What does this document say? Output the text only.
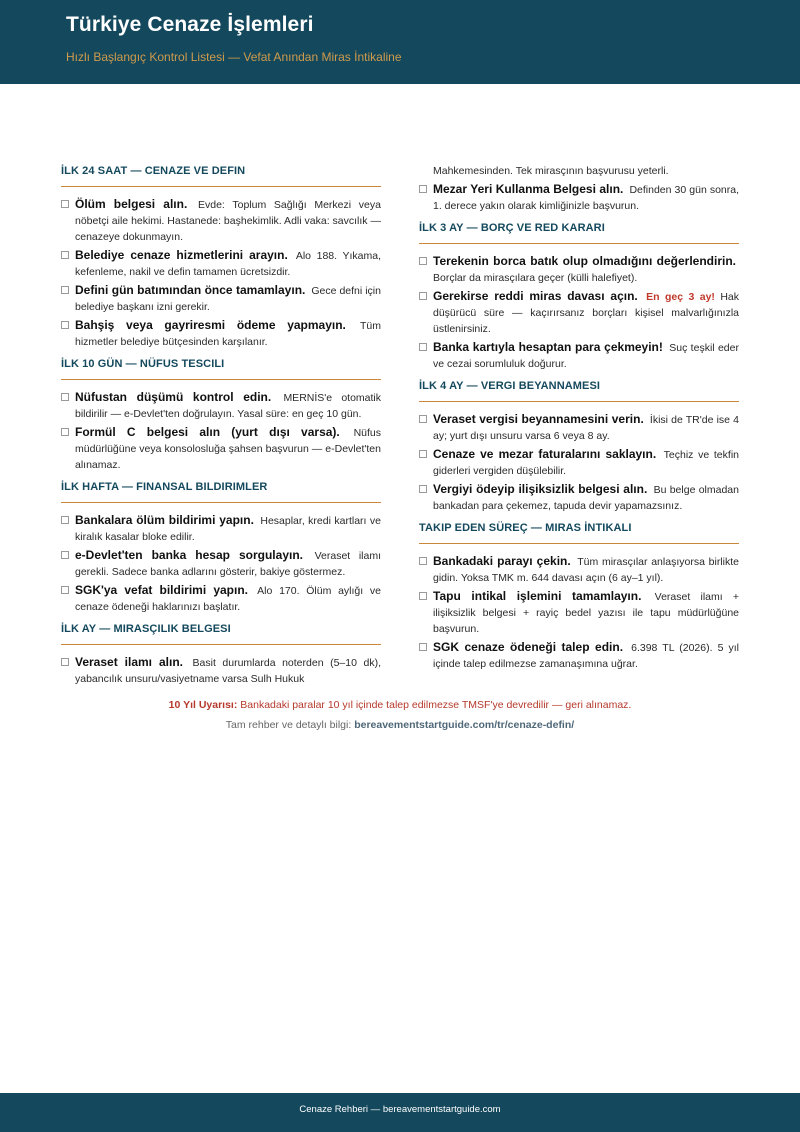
Türkiye Cenaze İşlemleri
Hızlı Başlangıç Kontrol Listesi — Vefat Anından Miras İntikaline
İLK 24 SAAT — CENAZE VE DEFIN
Ölüm belgesi alın. Evde: Toplum Sağlığı Merkezi veya nöbetçi aile hekimi. Hastanede: başhekimlik. Adli vaka: savcılık — cenazeye dokunmayın.
Belediye cenaze hizmetlerini arayın. Alo 188. Yıkama, kefenleme, nakil ve defin tamamen ücretsizdir.
Defini gün batımından önce tamamlayın. Gece defni için belediye başkanı izni gerekir.
Bahşiş veya gayriresmi ödeme yapmayın. Tüm hizmetler belediye bütçesinden karşılanır.
İLK 10 GÜN — NÜFUS TESCILI
Nüfustan düşümü kontrol edin. MERNİS'e otomatik bildirilir — e-Devlet'ten doğrulayın. Yasal süre: en geç 10 gün.
Formül C belgesi alın (yurt dışı varsa). Nüfus müdürlüğüne veya konsolosluğa şahsen başvurun — e-Devlet'ten alınamaz.
İLK HAFTA — FINANSAL BILDIRIMLER
Bankalara ölüm bildirimi yapın. Hesaplar, kredi kartları ve kiralık kasalar bloke edilir.
e-Devlet'ten banka hesap sorgulayın. Veraset ilamı gerekli. Sadece banka adlarını gösterir, bakiye göstermez.
SGK'ya vefat bildirimi yapın. Alo 170. Ölüm aylığı ve cenaze ödeneği haklarınızı başlatır.
İLK AY — MIRASÇILIK BELGESI
Veraset ilamı alın. Basit durumlarda noterden (5–10 dk), yabancılık unsuru/vasiyetname varsa Sulh Hukuk
Mahkemesinden. Tek mirasçının başvurusu yeterli.
Mezar Yeri Kullanma Belgesi alın. Definden 30 gün sonra, 1. derece yakın olarak kimliğinizle başvurun.
İLK 3 AY — BORÇ VE RED KARARI
Terekenin borca batık olup olmadığını değerlendirin. Borçlar da mirasçılara geçer (külli halefiyet).
Gerekirse reddi miras davası açın. En geç 3 ay! Hak düşürücü süre — kaçırırsanız borçları kişisel malvarlığınızla üstlenirsiniz.
Banka kartıyla hesaptan para çekmeyin! Suç teşkil eder ve cezai sorumluluk doğurur.
İLK 4 AY — VERGI BEYANNAMESI
Veraset vergisi beyannamesini verin. İkisi de TR'de ise 4 ay; yurt dışı unsuru varsa 6 veya 8 ay.
Cenaze ve mezar faturalarını saklayın. Teçhiz ve tekfin giderleri vergiden düşülebilir.
Vergiyi ödeyip ilişiksizlik belgesi alın. Bu belge olmadan bankadan para çekemez, tapuda devir yapamazsınız.
TAKIP EDEN SÜREÇ — MIRAS İNTIKALI
Bankadaki parayı çekin. Tüm mirasçılar anlaşıyorsa birlikte gidin. Yoksa TMK m. 644 davası açın (6 ay–1 yıl).
Tapu intikal işlemini tamamlayın. Veraset ilamı + ilişiksizlik belgesi + rayiç bedel yazısı ile tapu müdürlüğüne başvurun.
SGK cenaze ödeneği talep edin. 6.398 TL (2026). 5 yıl içinde talep edilmezse zamanaşımına uğrar.
10 Yıl Uyarısı: Bankadaki paralar 10 yıl içinde talep edilmezse TMSF'ye devredilir — geri alınamaz.
Tam rehber ve detaylı bilgi: bereavementstartguide.com/tr/cenaze-defin/
Cenaze Rehberi — bereavementstartguide.com
